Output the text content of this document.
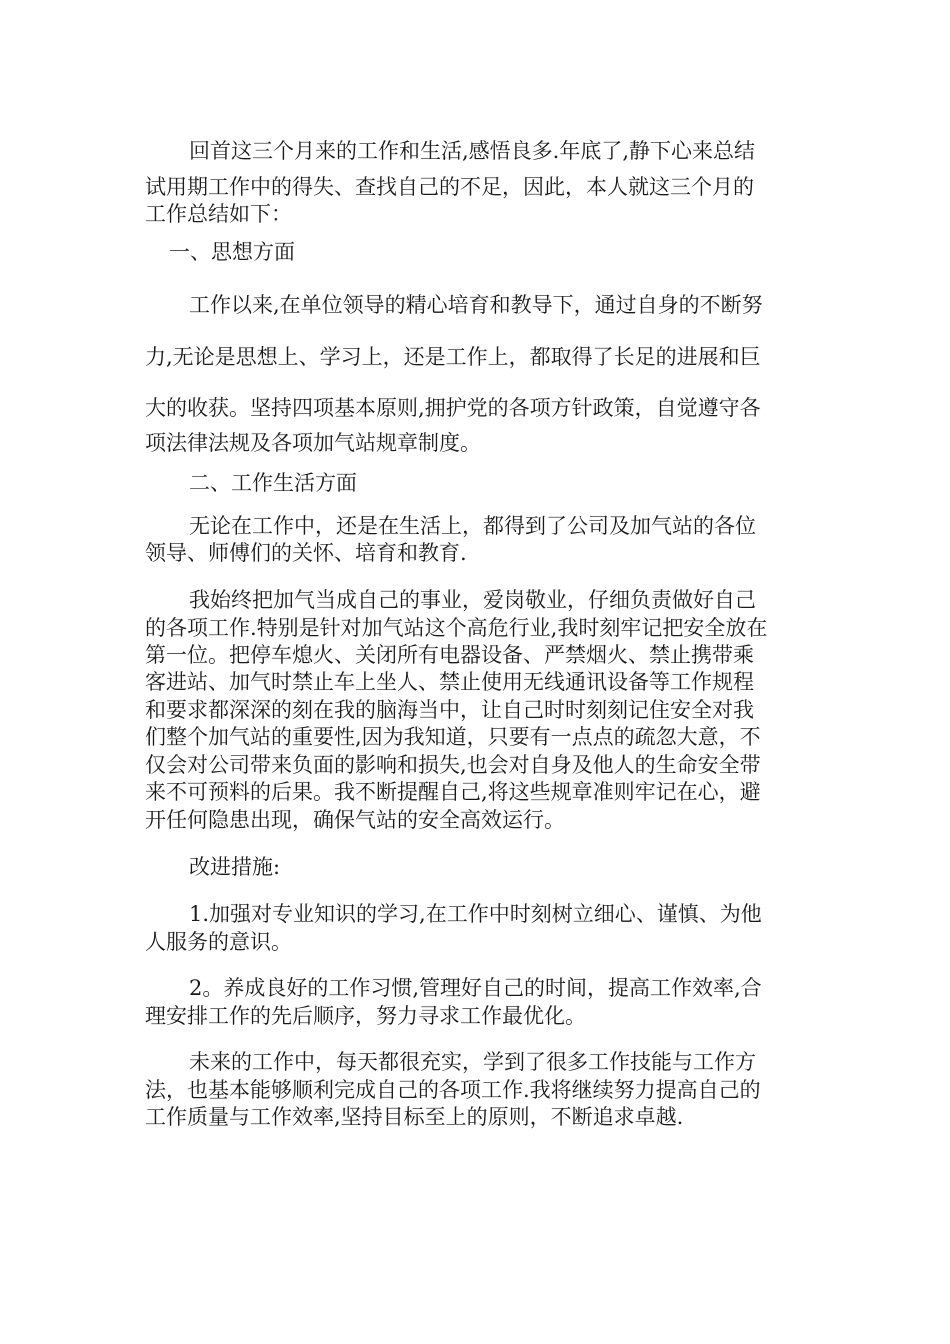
回首这三个月来的工作和生活,感悟良多.年底了,静下心来总结

试用期工作中的得失、查找自己的不足，因此，本人就这三个月的

工作总结如下：

一、思想方面

工作以来,在单位领导的精心培育和教导下，通过自身的不断努

力,无论是思想上、学习上，还是工作上，都取得了长足的进展和巨

大的收获。坚持四项基本原则,拥护党的各项方针政策，自觉遵守各

项法律法规及各项加气站规章制度。

二、工作生活方面

无论在工作中，还是在生活上，都得到了公司及加气站的各位

领导、师傅们的关怀、培育和教育.

我始终把加气当成自己的事业，爱岗敬业，仔细负责做好自己

的各项工作.特别是针对加气站这个高危行业,我时刻牢记把安全放在

第一位。把停车熄火、关闭所有电器设备、严禁烟火、禁止携带乘

客进站、加气时禁止车上坐人、禁止使用无线通讯设备等工作规程

和要求都深深的刻在我的脑海当中，让自己时时刻刻记住安全对我

们整个加气站的重要性,因为我知道，只要有一点点的疏忽大意，不

仅会对公司带来负面的影响和损失,也会对自身及他人的生命安全带

来不可预料的后果。我不断提醒自己,将这些规章准则牢记在心，避

开任何隐患出现，确保气站的安全高效运行。

改进措施:

1.加强对专业知识的学习,在工作中时刻树立细心、谨慎、为他

人服务的意识。

2。养成良好的工作习惯,管理好自己的时间，提高工作效率,合

理安排工作的先后顺序，努力寻求工作最优化。

未来的工作中，每天都很充实，学到了很多工作技能与工作方

法，也基本能够顺利完成自己的各项工作.我将继续努力提高自己的

工作质量与工作效率,坚持目标至上的原则，不断追求卓越.
